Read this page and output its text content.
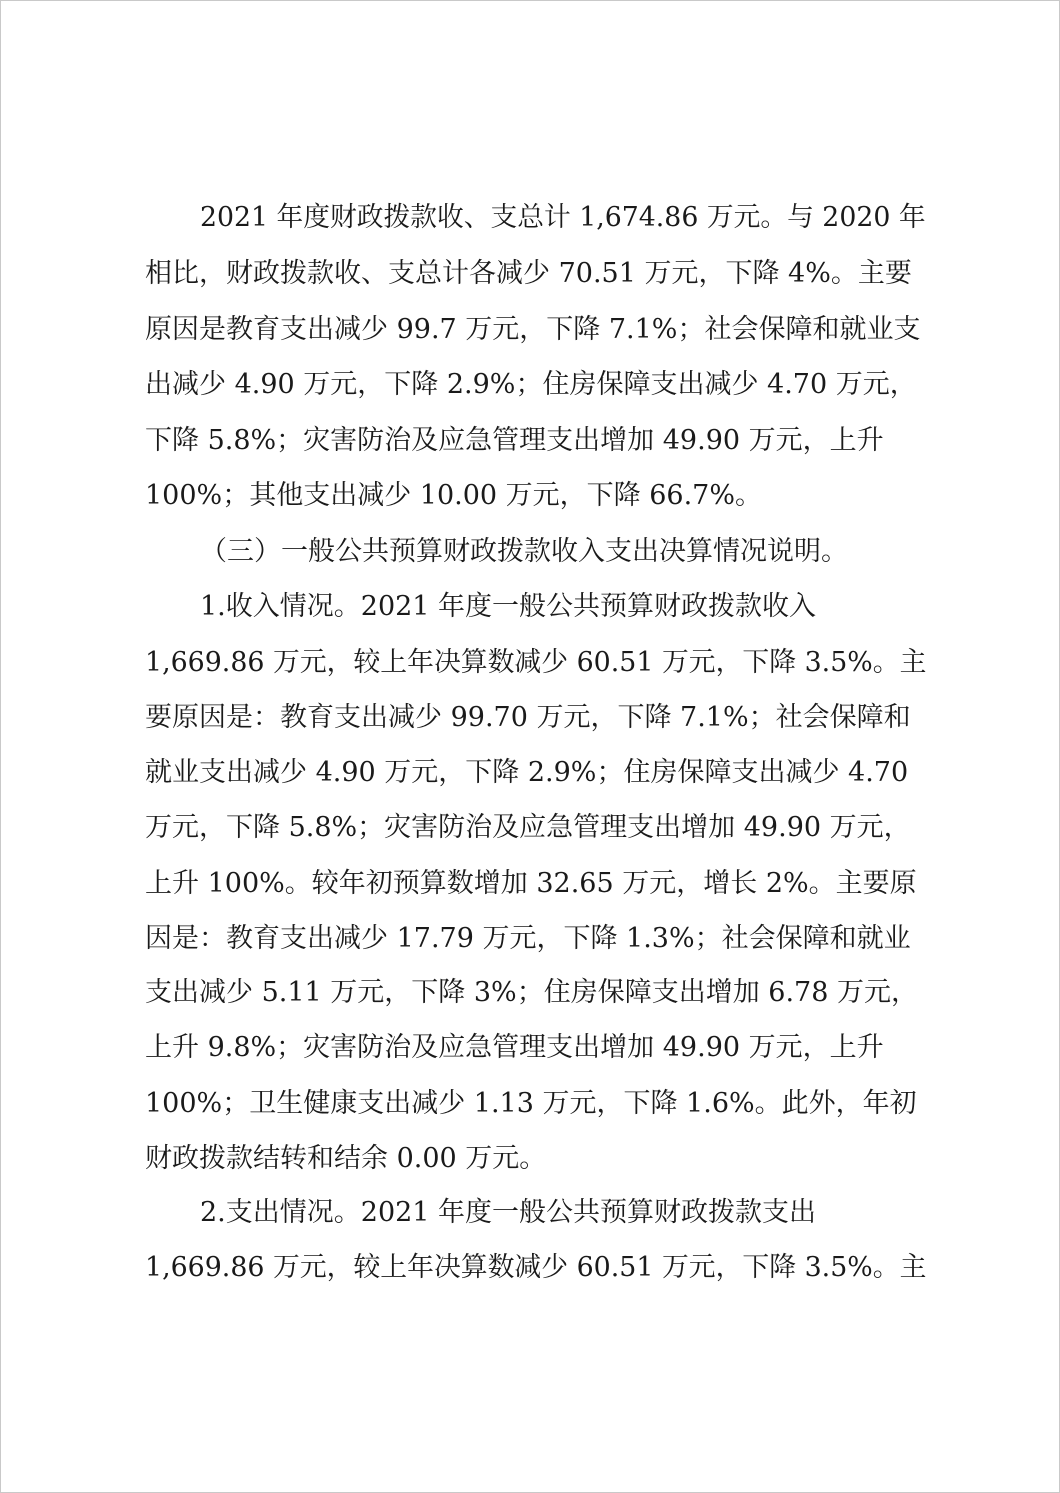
2021 年度财政拨款收、支总计 1,674.86 万元。与 2020 年
相比，财政拨款收、支总计各减少 70.51 万元，下降 4%。主要
原因是教育支出减少 99.7 万元，下降 7.1%；社会保障和就业支
出减少 4.90 万元，下降 2.9%；住房保障支出减少 4.70 万元，
下降 5.8%；灾害防治及应急管理支出增加 49.90 万元，上升
100%；其他支出减少 10.00 万元，下降 66.7%。
（三）一般公共预算财政拨款收入支出决算情况说明。
1.收入情况。2021 年度一般公共预算财政拨款收入
1,669.86 万元，较上年决算数减少 60.51 万元，下降 3.5%。主
要原因是：教育支出减少 99.70 万元，下降 7.1%；社会保障和
就业支出减少 4.90 万元，下降 2.9%；住房保障支出减少 4.70
万元，下降 5.8%；灾害防治及应急管理支出增加 49.90 万元，
上升 100%。较年初预算数增加 32.65 万元，增长 2%。主要原
因是：教育支出减少 17.79 万元，下降 1.3%；社会保障和就业
支出减少 5.11 万元，下降 3%；住房保障支出增加 6.78 万元，
上升 9.8%；灾害防治及应急管理支出增加 49.90 万元，上升
100%；卫生健康支出减少 1.13 万元，下降 1.6%。此外，年初
财政拨款结转和结余 0.00 万元。
2.支出情况。2021 年度一般公共预算财政拨款支出
1,669.86 万元，较上年决算数减少 60.51 万元，下降 3.5%。主
